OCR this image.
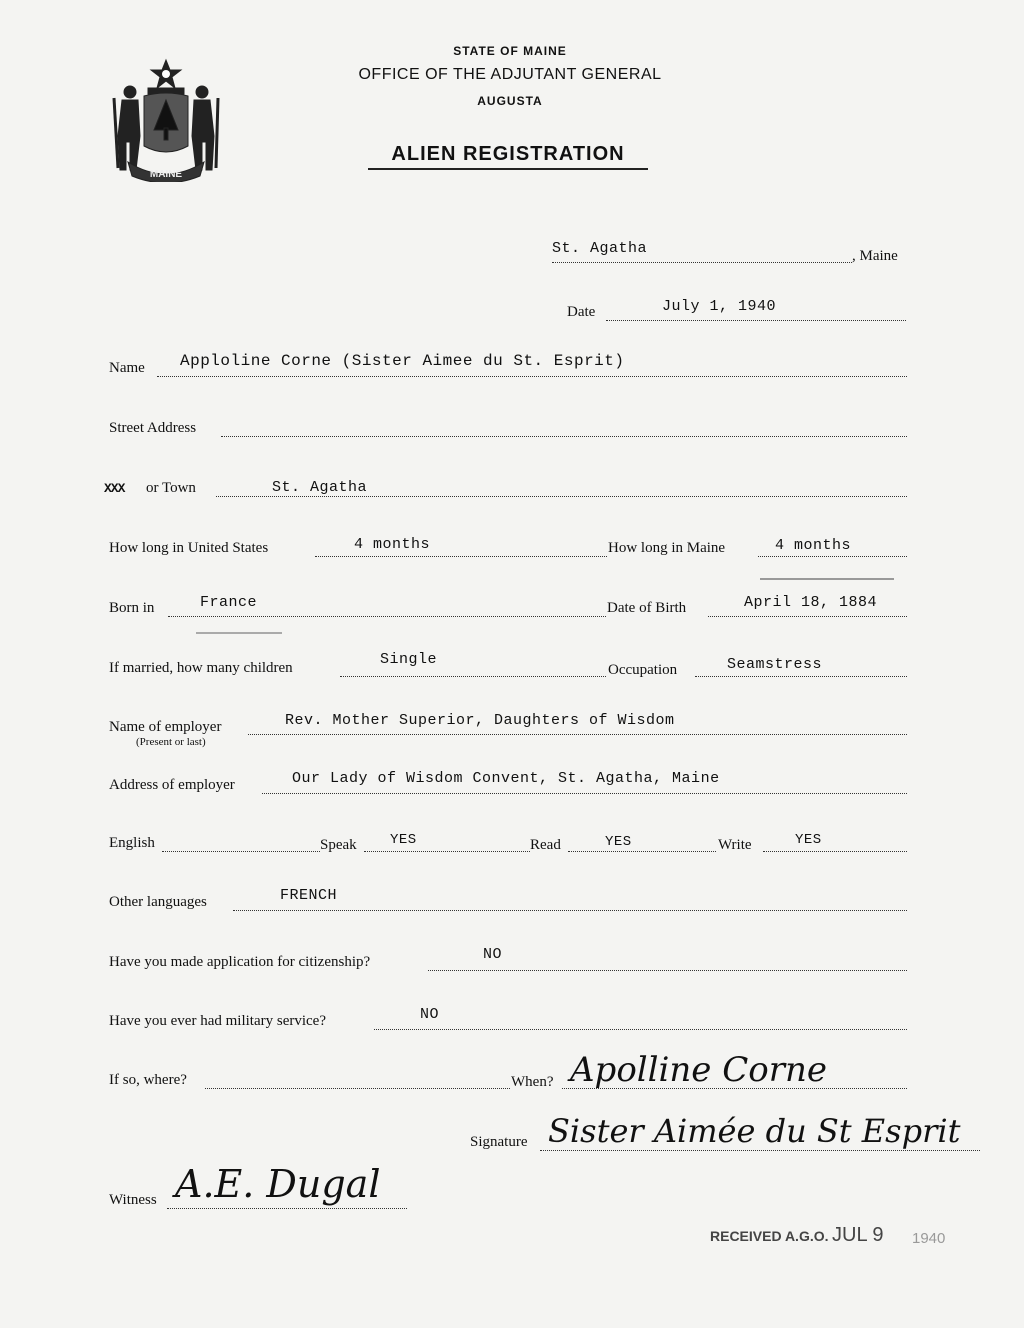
MAINE
STATE OF MAINE
OFFICE OF THE ADJUTANT GENERAL
AUGUSTA
ALIEN REGISTRATION
St. Agatha	, Maine
Date	July 1, 1940
Name Apploline Corne (Sister Aimee du St. Esprit)
Street Address
XXX or Town	St. Agatha
How long in United States	4 months	How long in Maine	4 months
Born in	France	Date of Birth	April 18, 1884
If married, how many children	Single
Occupation	Seamstress
Name of employer
(Present or last)
Rev. Mother Superior, Daughters of Wisdom
Address of employer	Our Lady of Wisdom Convent, St. Agatha, Maine
English	Speak YES	Read	YES	Write	YES
Other languages	FRENCH
Have you made application for citizenship?	NO
Have you ever had military service?	NO
If so, where?	When? Apolline Corne
Signature Sister Aimée du St Esprit
Witness A.E. Dugal
RECEIVED A.G.O. JUL 9 1940
